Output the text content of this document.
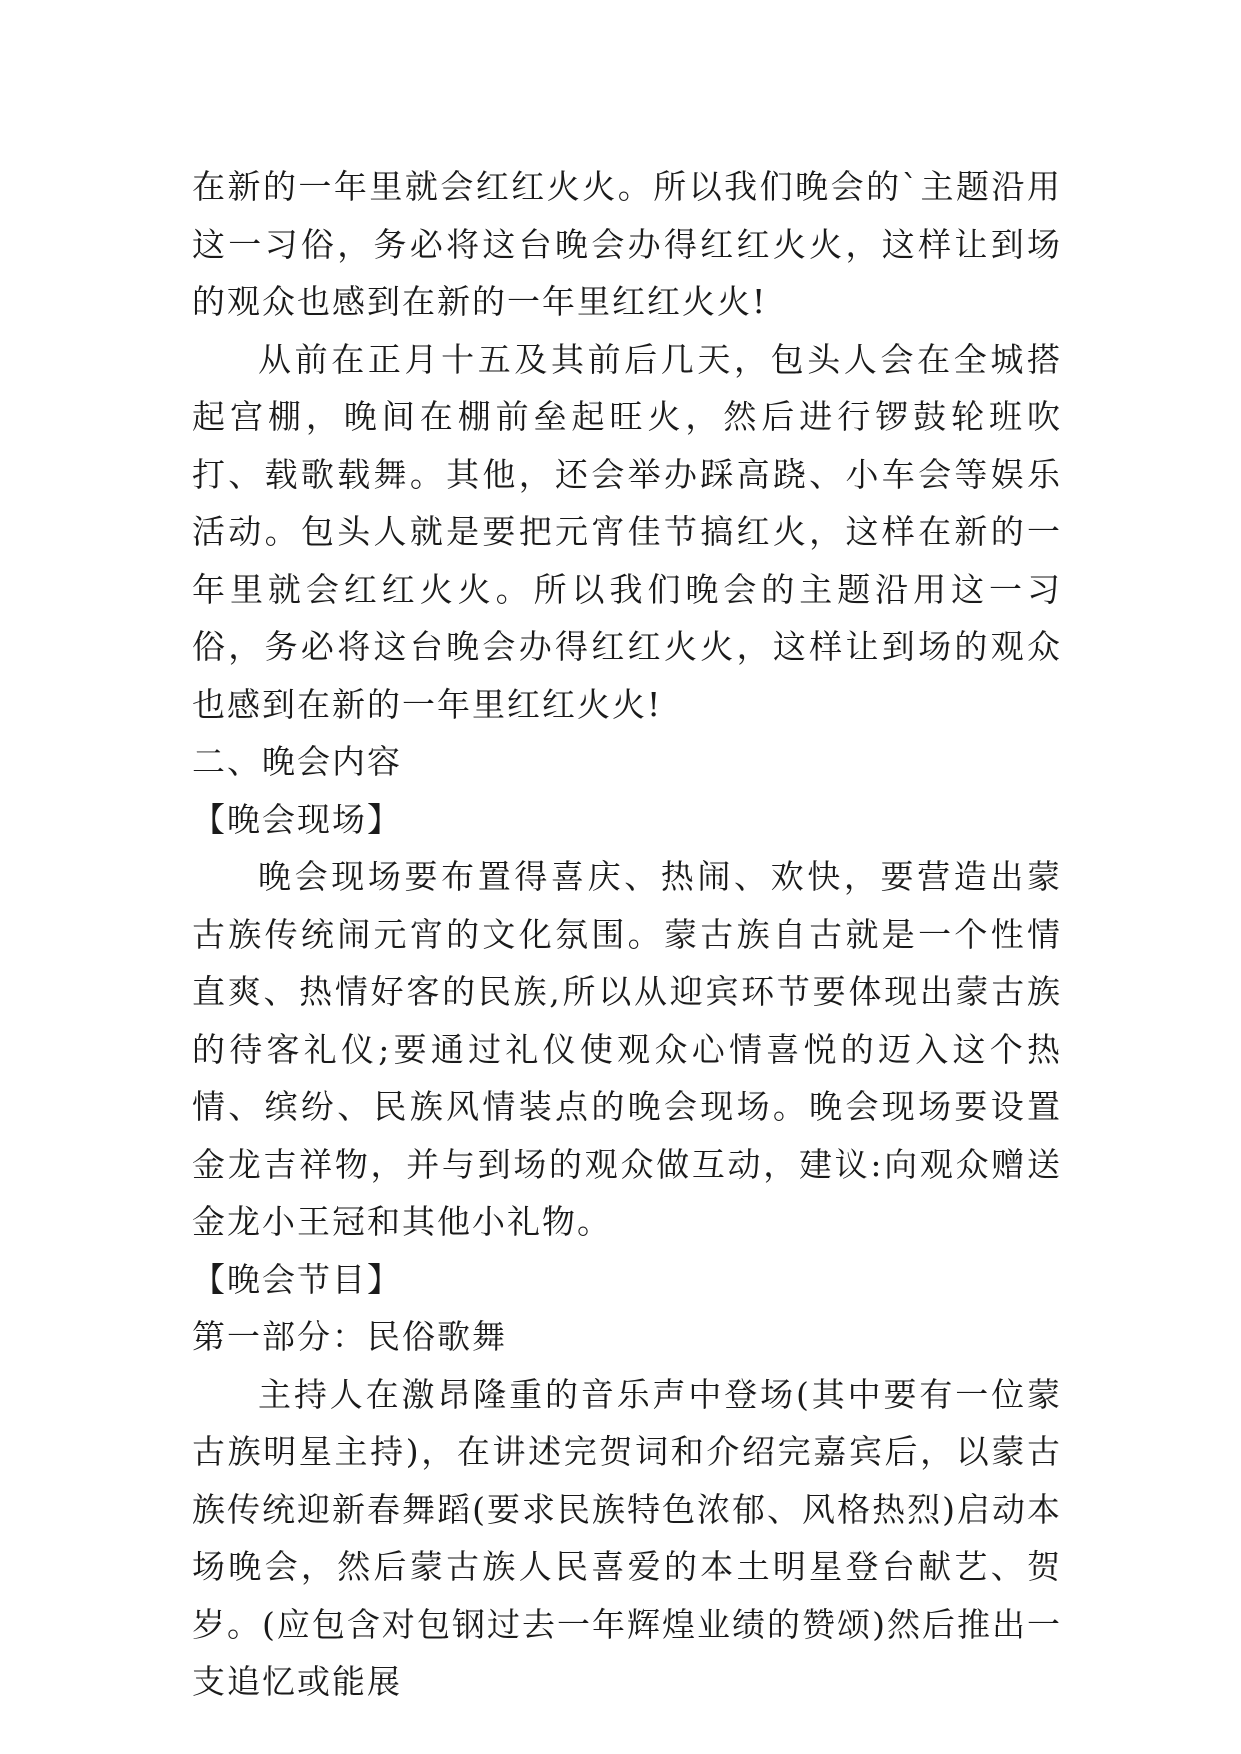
在新的一年里就会红红火火。所以我们晚会的`主题沿用这一习俗，务必将这台晚会办得红红火火，这样让到场的观众也感到在新的一年里红红火火!

从前在正月十五及其前后几天，包头人会在全城搭起宫棚，晚间在棚前垒起旺火，然后进行锣鼓轮班吹打、载歌载舞。其他，还会举办踩高跷、小车会等娱乐活动。包头人就是要把元宵佳节搞红火，这样在新的一年里就会红红火火。所以我们晚会的主题沿用这一习俗，务必将这台晚会办得红红火火，这样让到场的观众也感到在新的一年里红红火火!

二、晚会内容

【晚会现场】

晚会现场要布置得喜庆、热闹、欢快，要营造出蒙古族传统闹元宵的文化氛围。蒙古族自古就是一个性情直爽、热情好客的民族,所以从迎宾环节要体现出蒙古族的待客礼仪;要通过礼仪使观众心情喜悦的迈入这个热情、缤纷、民族风情装点的晚会现场。晚会现场要设置金龙吉祥物，并与到场的观众做互动，建议:向观众赠送金龙小王冠和其他小礼物。

【晚会节目】

第一部分：民俗歌舞

主持人在激昂隆重的音乐声中登场(其中要有一位蒙古族明星主持)，在讲述完贺词和介绍完嘉宾后，以蒙古族传统迎新春舞蹈(要求民族特色浓郁、风格热烈)启动本场晚会，然后蒙古族人民喜爱的本土明星登台献艺、贺岁。(应包含对包钢过去一年辉煌业绩的赞颂)然后推出一支追忆或能展
